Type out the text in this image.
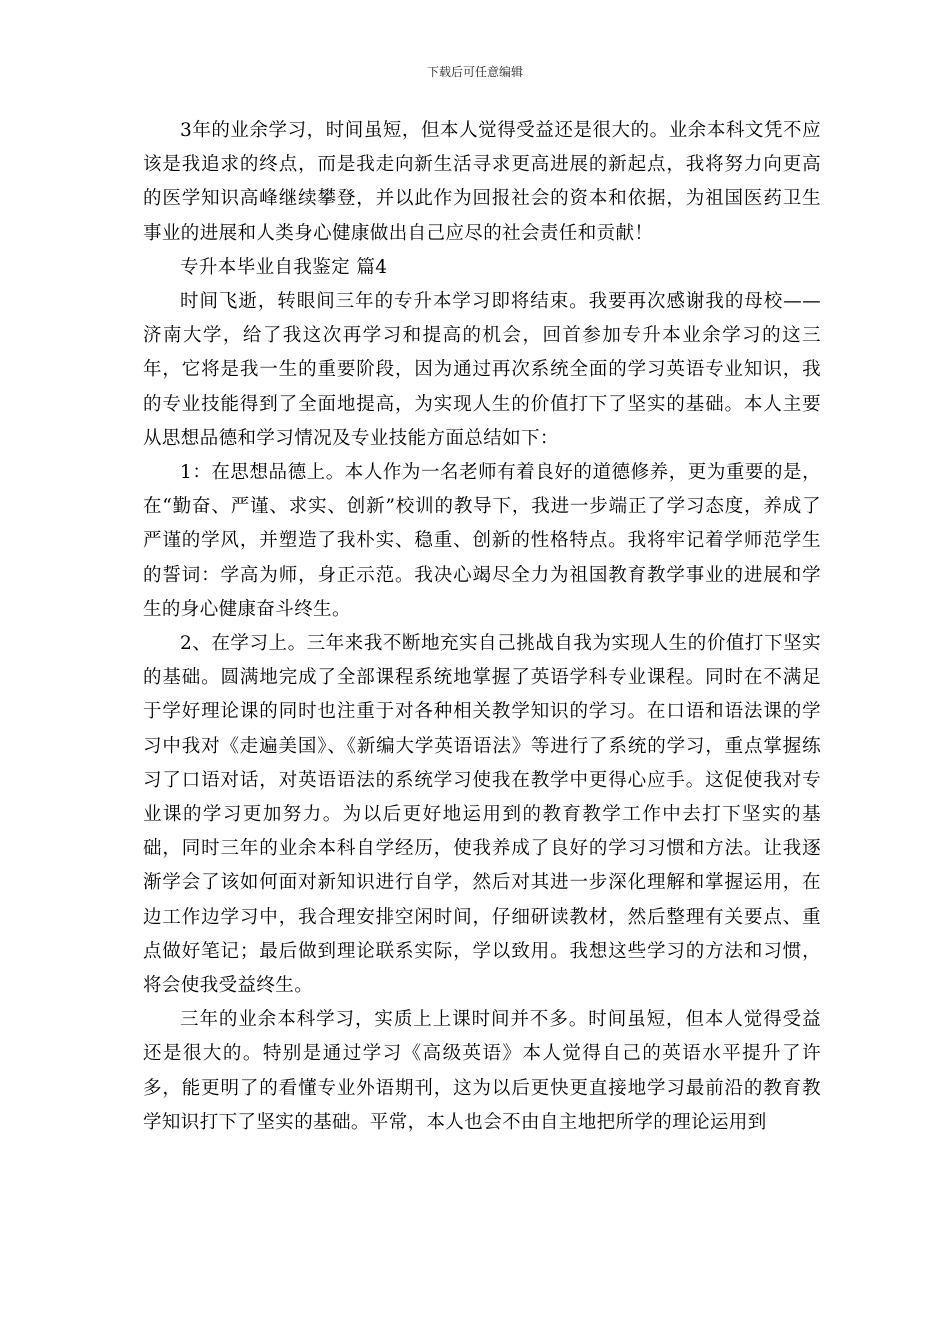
下载后可任意编辑

3年的业余学习，时间虽短，但本人觉得受益还是很大的。业余本科文凭不应该是我追求的终点，而是我走向新生活寻求更高进展的新起点，我将努力向更高的医学知识高峰继续攀登，并以此作为回报社会的资本和依据，为祖国医药卫生事业的进展和人类身心健康做出自己应尽的社会责任和贡献！

专升本毕业自我鉴定 篇4

时间飞逝，转眼间三年的专升本学习即将结束。我要再次感谢我的母校——济南大学，给了我这次再学习和提高的机会，回首参加专升本业余学习的这三年，它将是我一生的重要阶段，因为通过再次系统全面的学习英语专业知识，我的专业技能得到了全面地提高，为实现人生的价值打下了坚实的基础。本人主要从思想品德和学习情况及专业技能方面总结如下：

1：在思想品德上。本人作为一名老师有着良好的道德修养，更为重要的是，在“勤奋、严谨、求实、创新”校训的教导下，我进一步端正了学习态度，养成了严谨的学风，并塑造了我朴实、稳重、创新的性格特点。我将牢记着学师范学生的誓词：学高为师，身正示范。我决心竭尽全力为祖国教育教学事业的进展和学生的身心健康奋斗终生。

2、在学习上。三年来我不断地充实自己挑战自我为实现人生的价值打下坚实的基础。圆满地完成了全部课程系统地掌握了英语学科专业课程。同时在不满足于学好理论课的同时也注重于对各种相关教学知识的学习。在口语和语法课的学习中我对《走遍美国》、《新编大学英语语法》等进行了系统的学习，重点掌握练习了口语对话，对英语语法的系统学习使我在教学中更得心应手。这促使我对专业课的学习更加努力。为以后更好地运用到的教育教学工作中去打下坚实的基础，同时三年的业余本科自学经历，使我养成了良好的学习习惯和方法。让我逐渐学会了该如何面对新知识进行自学，然后对其进一步深化理解和掌握运用，在边工作边学习中，我合理安排空闲时间，仔细研读教材，然后整理有关要点、重点做好笔记；最后做到理论联系实际，学以致用。我想这些学习的方法和习惯，将会使我受益终生。

三年的业余本科学习，实质上上课时间并不多。时间虽短，但本人觉得受益还是很大的。特别是通过学习《高级英语》本人觉得自己的英语水平提升了许多，能更明了的看懂专业外语期刊，这为以后更快更直接地学习最前沿的教育教学知识打下了坚实的基础。平常，本人也会不由自主地把所学的理论运用到
